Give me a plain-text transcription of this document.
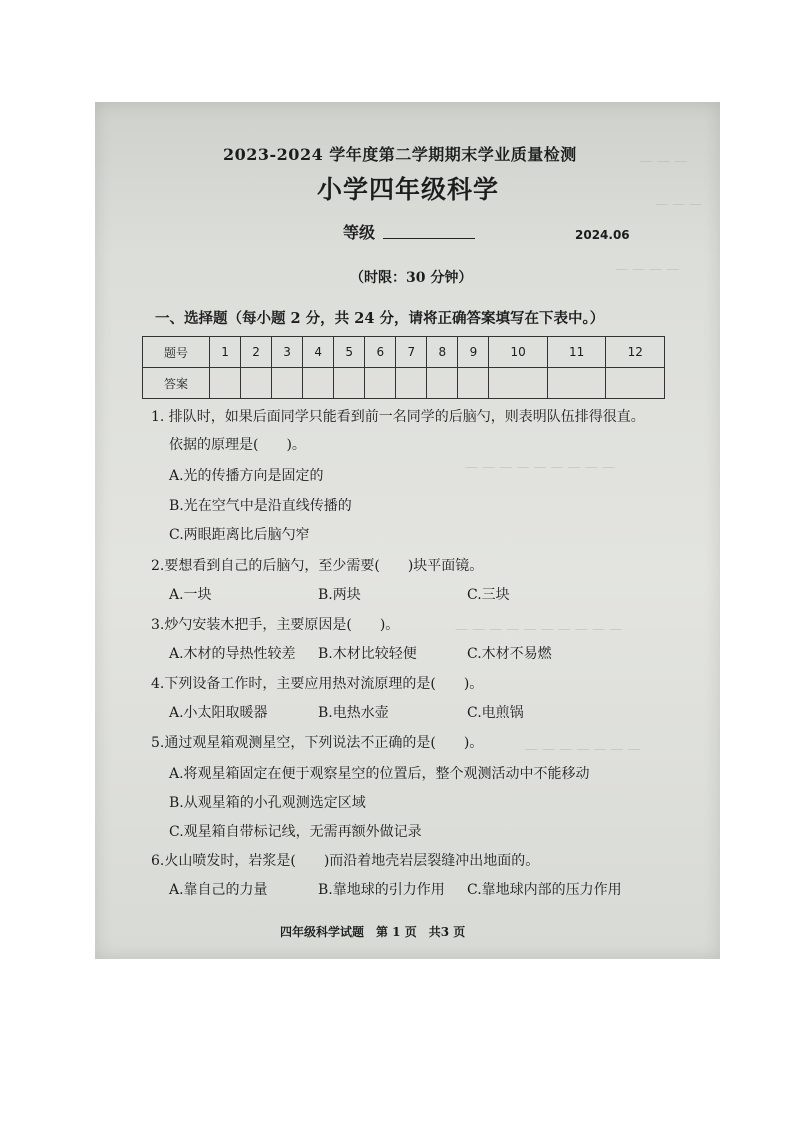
— — —
— — —
— — — —
— — — — — — — — —
— — — — — — — — — —
— — — — — — —
2023-2024 学年度第二学期期末学业质量检测
小学四年级科学
等级	2024.06
（时限：30 分钟）
一、选择题（每小题 2 分，共 24 分，请将正确答案填写在下表中。）
题号	1	2	3	4	5	6	7	8	9	10	11	12
答案												
1. 排队时，如果后面同学只能看到前一名同学的后脑勺，则表明队伍排得很直。
依据的原理是(　　)。
A.光的传播方向是固定的
B.光在空气中是沿直线传播的
C.两眼距离比后脑勺窄
2.要想看到自己的后脑勺，至少需要(　　)块平面镜。
A.一块	B.两块	C.三块
3.炒勺安装木把手，主要原因是(　　)。
A.木材的导热性较差 B.木材比较轻便	C.木材不易燃
4.下列设备工作时，主要应用热对流原理的是(　　)。
A.小太阳取暖器	B.电热水壶	C.电煎锅
5.通过观星箱观测星空，下列说法不正确的是(　　)。
A.将观星箱固定在便于观察星空的位置后，整个观测活动中不能移动
B.从观星箱的小孔观测选定区域
C.观星箱自带标记线，无需再额外做记录
6.火山喷发时，岩浆是(　　)而沿着地壳岩层裂缝冲出地面的。
A.靠自己的力量	B.靠地球的引力作用 C.靠地球内部的压力作用
四年级科学试题　第 1 页　共3 页
